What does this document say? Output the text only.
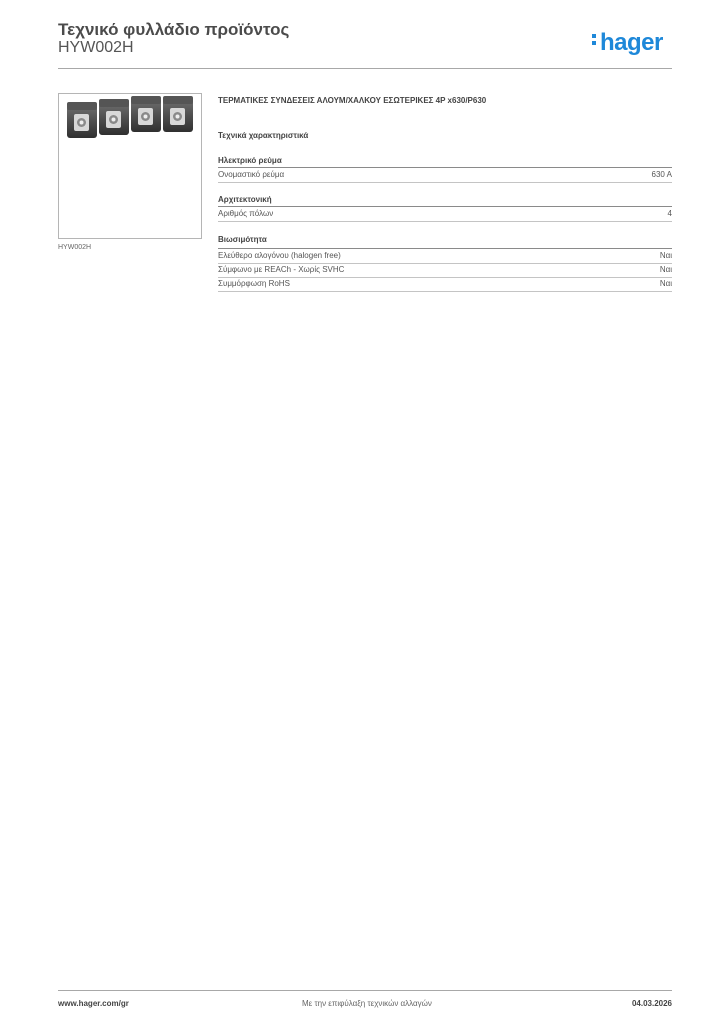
Τεχνικό φυλλάδιο προϊόντος
HYW002H	hager
HYW002H
ΤΕΡΜΑΤΙΚΕΣ ΣΥΝΔΕΣΕΙΣ ΑΛΟΥΜ/ΧΑΛΚΟΥ ΕΣΩΤΕΡΙΚΕΣ 4P x630/P630
Τεχνικά χαρακτηριστικά
Ηλεκτρικό ρεύμα
Ονομαστικό ρεύμα	630 A
Αρχιτεκτονική
Αριθμός πόλων	4
Βιωσιμότητα
Ελεύθερο αλογόνου (halogen free)	Ναι
Σύμφωνο με REACh - Χωρίς SVHC	Ναι
Συμμόρφωση RoHS	Ναι
www.hager.com/gr	Με την επιφύλαξη τεχνικών αλλαγών	04.03.2026
